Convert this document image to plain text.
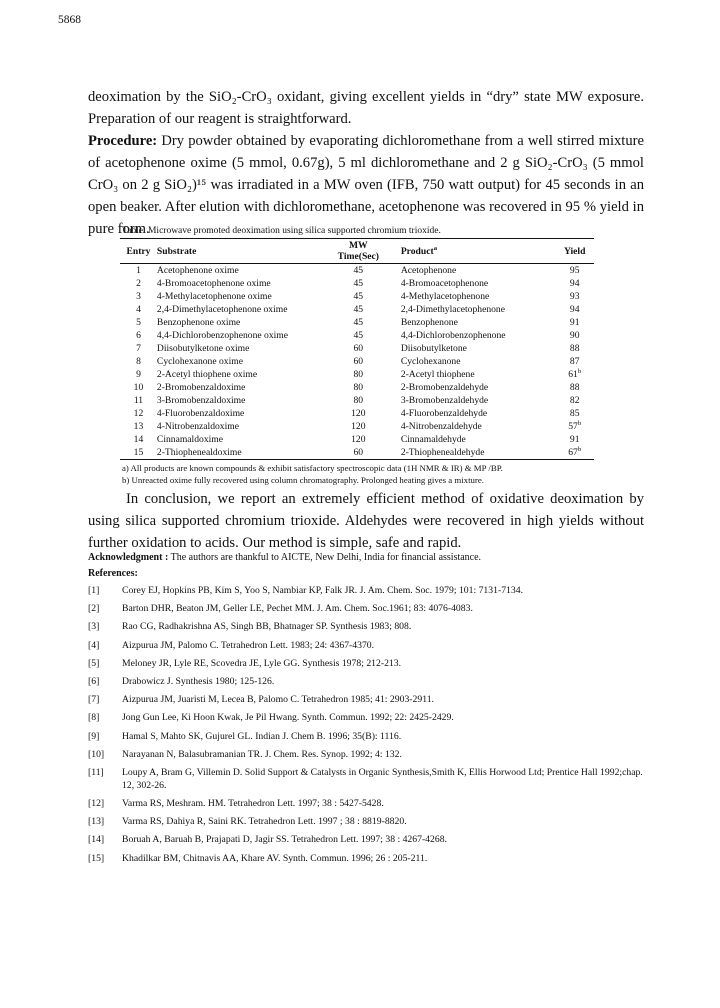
5868

deoximation by the SiO₂-CrO₃ oxidant, giving excellent yields in “dry” state MW exposure. Preparation of our reagent is straightforward.

Procedure: Dry powder obtained by evaporating dichloromethane from a well stirred mixture of acetophenone oxime (5 mmol, 0.67g), 5 ml dichloromethane and 2 g SiO₂-CrO₃ (5 mmol CrO₃ on 2 g SiO₂)¹⁵ was irradiated in a MW oven (IFB, 750 watt output) for 45 seconds in an open beaker. After elution with dichloromethane, acetophenone was recovered in 95 % yield in pure form.

Table: Microwave promoted deoximation using silica supported chromium trioxide.
Entry	Substrate	MW Time(Sec)	Product$^a$	Yield
1	Acetophenone oxime	45	Acetophenone	95
2	4-Bromoacetophenone oxime	45	4-Bromoacetophenone	94
3	4-Methylacetophenone oxime	45	4-Methylacetophenone	93
4	2,4-Dimethylacetophenone oxime	45	2,4-Dimethylacetophenone	94
5	Benzophenone oxime	45	Benzophenone	91
6	4,4-Dichlorobenzophenone oxime	45	4,4-Dichlorobenzophenone	90
7	Diisobutylketone oxime	60	Diisobutylketone	88
8	Cyclohexanone oxime	60	Cyclohexanone	87
9	2-Acetyl thiophene oxime	80	2-Acetyl thiophene	61$^b$
10	2-Bromobenzaldoxime	80	2-Bromobenzaldehyde	88
11	3-Bromobenzaldoxime	80	3-Bromobenzaldehyde	82
12	4-Fluorobenzaldoxime	120	4-Fluorobenzaldehyde	85
13	4-Nitrobenzaldoxime	120	4-Nitrobenzaldehyde	57$^b$
14	Cinnamaldoxime	120	Cinnamaldehyde	91
15	2-Thiophenealdoxime	60	2-Thiophenealdehyde	67$^b$
a) All products are known compounds & exhibit satisfactory spectroscopic data (1H NMR & IR) & MP /BP.
b) Unreacted oxime fully recovered using column chromatography. Prolonged heating gives a mixture.

In conclusion, we report an extremely efficient method of oxidative deoximation by using silica supported chromium trioxide. Aldehydes were recovered in high yields without further oxidation to acids. Our method is simple, safe and rapid.

Acknowledgment : The authors are thankful to AICTE, New Delhi, India for financial assistance.
References:
[1] Corey EJ, Hopkins PB, Kim S, Yoo S, Nambiar KP, Falk JR. J. Am. Chem. Soc. 1979; 101: 7131-7134.
[2] Barton DHR, Beaton JM, Geller LE, Pechet MM. J. Am. Chem. Soc.1961; 83: 4076-4083.
[3] Rao CG, Radhakrishna AS, Singh BB, Bhatnager SP. Synthesis 1983; 808.
[4] Aizpurua JM, Palomo C. Tetrahedron Lett. 1983; 24: 4367-4370.
[5] Meloney JR, Lyle RE, Scovedra JE, Lyle GG. Synthesis 1978; 212-213.
[6] Drabowicz J. Synthesis 1980; 125-126.
[7] Aizpurua JM, Juaristi M, Lecea B, Palomo C. Tetrahedron 1985; 41: 2903-2911.
[8] Jong Gun Lee, Ki Hoon Kwak, Je Pil Hwang. Synth. Commun. 1992; 22: 2425-2429.
[9] Hamal S, Mahto SK, Gujurel GL. Indian J. Chem B. 1996; 35(B): 1116.
[10] Narayanan N, Balasubramanian TR. J. Chem. Res. Synop. 1992; 4: 132.
[11] Loupy A, Bram G, Villemin D. Solid Support & Catalysts in Organic Synthesis,Smith K, Ellis Horwood Ltd; Prentice Hall 1992;chap. 12, 302-26.
[12] Varma RS, Meshram. HM. Tetrahedron Lett. 1997; 38 : 5427-5428.
[13] Varma RS, Dahiya R, Saini RK. Tetrahedron Lett. 1997 ; 38 : 8819-8820.
[14] Boruah A, Baruah B, Prajapati D, Jagir SS. Tetrahedron Lett. 1997; 38 : 4267-4268.
[15] Khadilkar BM, Chitnavis AA, Khare AV. Synth. Commun. 1996; 26 : 205-211.
